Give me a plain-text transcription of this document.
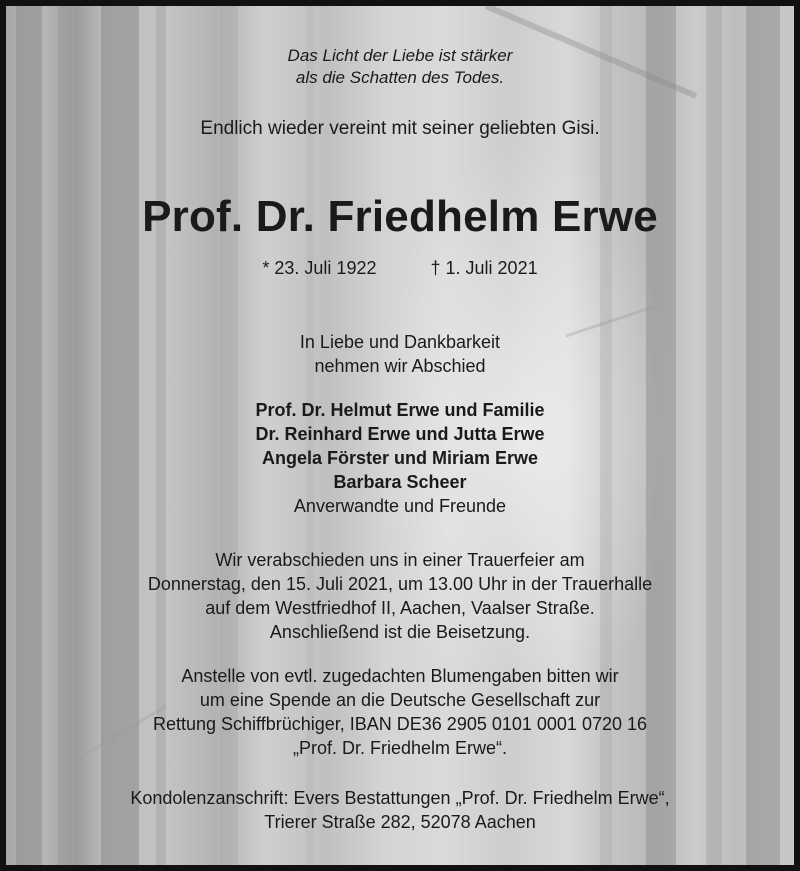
Das Licht der Liebe ist stärker
als die Schatten des Todes.
Endlich wieder vereint mit seiner geliebten Gisi.
Prof. Dr. Friedhelm Erwe
* 23. Juli 1922	† 1. Juli 2021
In Liebe und Dankbarkeit
nehmen wir Abschied
Prof. Dr. Helmut Erwe und Familie
Dr. Reinhard Erwe und Jutta Erwe
Angela Förster und Miriam Erwe
Barbara Scheer
Anverwandte und Freunde
Wir verabschieden uns in einer Trauerfeier am
Donnerstag, den 15. Juli 2021, um 13.00 Uhr in der Trauerhalle
auf dem Westfriedhof II, Aachen, Vaalser Straße.
Anschließend ist die Beisetzung.
Anstelle von evtl. zugedachten Blumengaben bitten wir
um eine Spende an die Deutsche Gesellschaft zur
Rettung Schiffbrüchiger, IBAN DE36 2905 0101 0001 0720 16
„Prof. Dr. Friedhelm Erwe“.
Kondolenzanschrift: Evers Bestattungen „Prof. Dr. Friedhelm Erwe“,
Trierer Straße 282, 52078 Aachen
